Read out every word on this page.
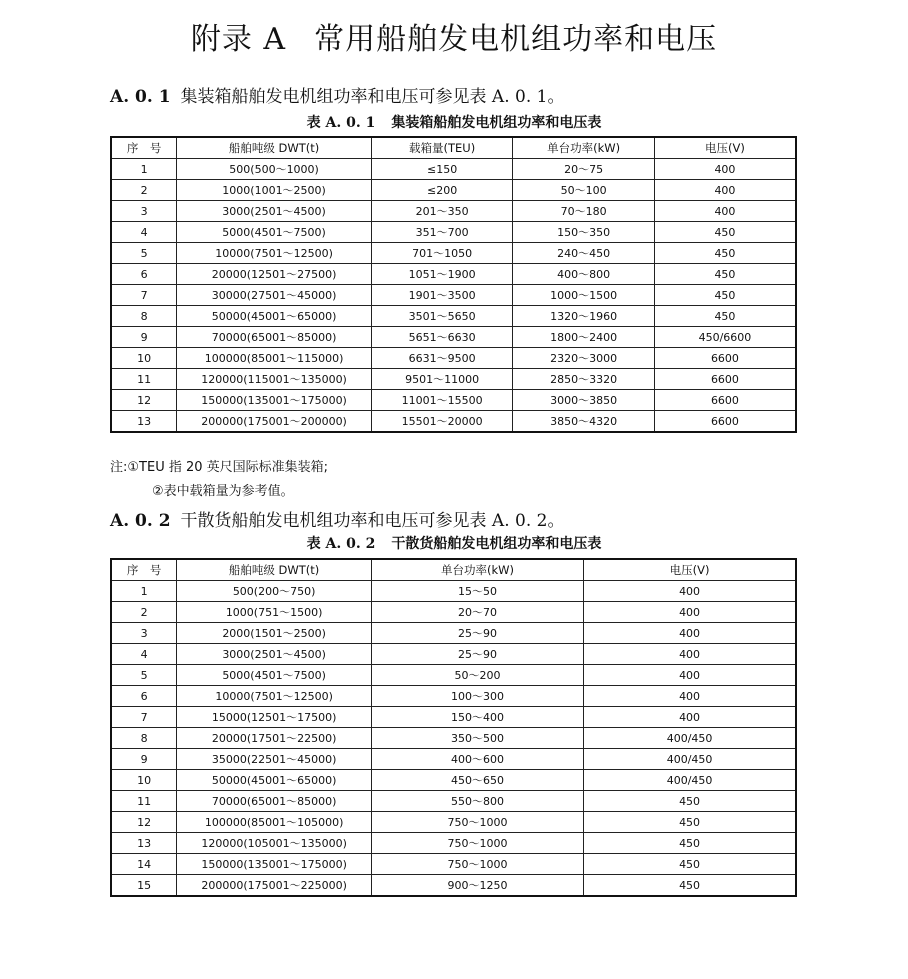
附录 A 常用船舶发电机组功率和电压
A. 0. 1 集装箱船舶发电机组功率和电压可参见表 A. 0. 1。
表 A. 0. 1 集装箱船舶发电机组功率和电压表
序　号	船舶吨级 DWT(t)	载箱量(TEU)	单台功率(kW)	电压(V)
1	500(500～1000)	≤150	20～75	400
2	1000(1001～2500)	≤200	50～100	400
3	3000(2501～4500)	201～350	70～180	400
4	5000(4501～7500)	351～700	150～350	450
5	10000(7501～12500)	701～1050	240～450	450
6	20000(12501～27500)	1051～1900	400～800	450
7	30000(27501～45000)	1901～3500	1000～1500	450
8	50000(45001～65000)	3501～5650	1320～1960	450
9	70000(65001～85000)	5651～6630	1800～2400	450/6600
10	100000(85001～115000)	6631～9500	2320～3000	6600
11	120000(115001～135000)	9501～11000	2850～3320	6600
12	150000(135001～175000)	11001～15500	3000～3850	6600
13	200000(175001～200000)	15501～20000	3850～4320	6600
注:①TEU 指 20 英尺国际标准集装箱;
②表中载箱量为参考值。
A. 0. 2 干散货船舶发电机组功率和电压可参见表 A. 0. 2。
表 A. 0. 2 干散货船舶发电机组功率和电压表
序　号	船舶吨级 DWT(t)	单台功率(kW)	电压(V)
1	500(200～750)	15～50	400
2	1000(751～1500)	20～70	400
3	2000(1501～2500)	25～90	400
4	3000(2501～4500)	25～90	400
5	5000(4501～7500)	50～200	400
6	10000(7501～12500)	100～300	400
7	15000(12501～17500)	150～400	400
8	20000(17501～22500)	350～500	400/450
9	35000(22501～45000)	400～600	400/450
10	50000(45001～65000)	450～650	400/450
11	70000(65001～85000)	550～800	450
12	100000(85001～105000)	750～1000	450
13	120000(105001～135000)	750～1000	450
14	150000(135001～175000)	750～1000	450
15	200000(175001～225000)	900～1250	450
